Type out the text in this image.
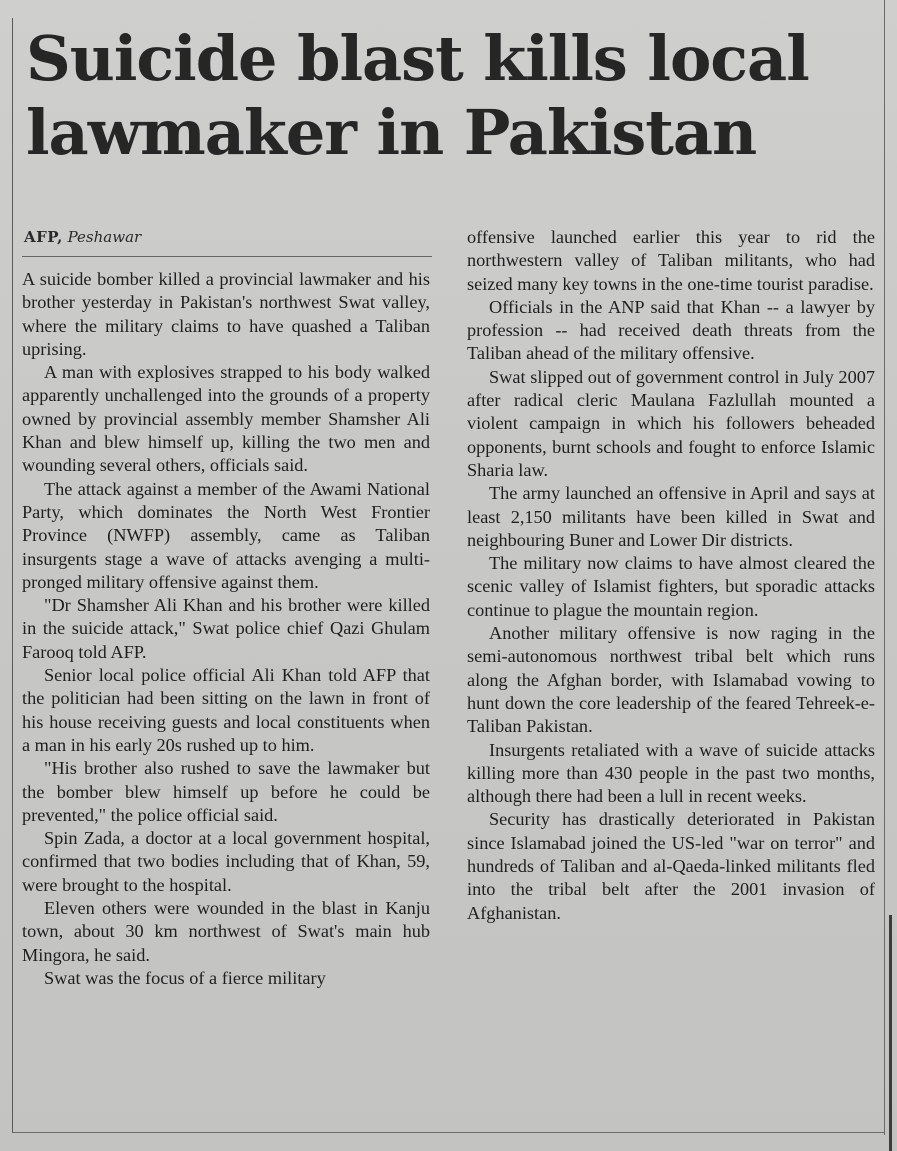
Suicide blast kills local
lawmaker in Pakistan
AFP, Peshawar

A suicide bomber killed a provincial lawmaker and his brother yesterday in Pakistan's northwest Swat valley, where the military claims to have quashed a Taliban uprising.

A man with explosives strapped to his body walked apparently unchallenged into the grounds of a property owned by provincial assembly member Shamsher Ali Khan and blew himself up, killing the two men and wounding several others, officials said.

The attack against a member of the Awami National Party, which dominates the North West Frontier Province (NWFP) assembly, came as Taliban insurgents stage a wave of attacks avenging a multi-pronged military offensive against them.

"Dr Shamsher Ali Khan and his brother were killed in the suicide attack," Swat police chief Qazi Ghulam Farooq told AFP.

Senior local police official Ali Khan told AFP that the politician had been sitting on the lawn in front of his house receiving guests and local constituents when a man in his early 20s rushed up to him.

"His brother also rushed to save the lawmaker but the bomber blew himself up before he could be prevented," the police official said.

Spin Zada, a doctor at a local government hospital, confirmed that two bodies including that of Khan, 59, were brought to the hospital.

Eleven others were wounded in the blast in Kanju town, about 30 km northwest of Swat's main hub Mingora, he said.

Swat was the focus of a fierce military

offensive launched earlier this year to rid the northwestern valley of Taliban militants, who had seized many key towns in the one-time tourist paradise.

Officials in the ANP said that Khan -- a lawyer by profession -- had received death threats from the Taliban ahead of the military offensive.

Swat slipped out of government control in July 2007 after radical cleric Maulana Fazlullah mounted a violent campaign in which his followers beheaded opponents, burnt schools and fought to enforce Islamic Sharia law.

The army launched an offensive in April and says at least 2,150 militants have been killed in Swat and neighbouring Buner and Lower Dir districts.

The military now claims to have almost cleared the scenic valley of Islamist fighters, but sporadic attacks continue to plague the mountain region.

Another military offensive is now raging in the semi-autonomous northwest tribal belt which runs along the Afghan border, with Islamabad vowing to hunt down the core leadership of the feared Tehreek-e-Taliban Pakistan.

Insurgents retaliated with a wave of suicide attacks killing more than 430 people in the past two months, although there had been a lull in recent weeks.

Security has drastically deteriorated in Pakistan since Islamabad joined the US-led "war on terror" and hundreds of Taliban and al-Qaeda-linked militants fled into the tribal belt after the 2001 invasion of Afghanistan.
